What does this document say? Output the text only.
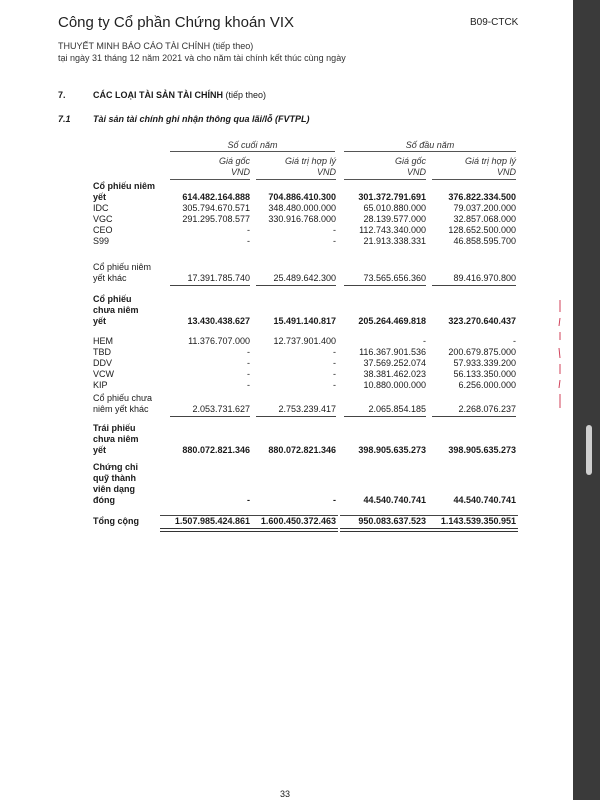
Công ty Cổ phần Chứng khoán VIX	B09-CTCK
THUYẾT MINH BÁO CÁO TÀI CHÍNH (tiếp theo)
tại ngày 31 tháng 12 năm 2021 và cho năm tài chính kết thúc cùng ngày
7.	CÁC LOẠI TÀI SẢN TÀI CHÍNH (tiếp theo)
7.1 Tài sản tài chính ghi nhận thông qua lãi/lỗ (FVTPL)
Số cuối năm	Số đầu năm
Giá gốc
VND
Giá trị hợp lý
VND
Giá gốc
VND
Giá trị hợp lý
VND
Cổ phiếu niêm yết	614.482.164.888	704.886.410.300	301.372.791.691	376.822.334.500
IDC	305.794.670.571	348.480.000.000	65.010.880.000	79.037.200.000
VGC	291.295.708.577	330.916.768.000	28.139.577.000	32.857.068.000
CEO	-	-	112.743.340.000	128.652.500.000
S99	-	-	21.913.338.331	46.858.595.700
Cổ phiếu niêm yết khác	17.391.785.740	25.489.642.300	73.565.656.360	89.416.970.800
Cổ phiếu chưa niêm yết	13.430.438.627	15.491.140.817	205.264.469.818	323.270.640.437
HEM	11.376.707.000	12.737.901.400	-	-
TBD	-	-	116.367.901.536	200.679.875.000
DDV	-	-	37.569.252.074	57.933.339.200
VCW	-	-	38.381.462.023	56.133.350.000
KIP	-	-	10.880.000.000	6.256.000.000
Cổ phiếu chưa niêm yết khác	2.053.731.627	2.753.239.417	2.065.854.185	2.268.076.237
Trái phiếu chưa niêm yết	880.072.821.346	880.072.821.346	398.905.635.273	398.905.635.273
Chứng chỉ quỹ thành viên dạng đóng	-	-	44.540.740.741	44.540.740.741
Tổng cộng	1.507.985.424.861	1.600.450.372.463	950.083.637.523	1.143.539.350.951
33
